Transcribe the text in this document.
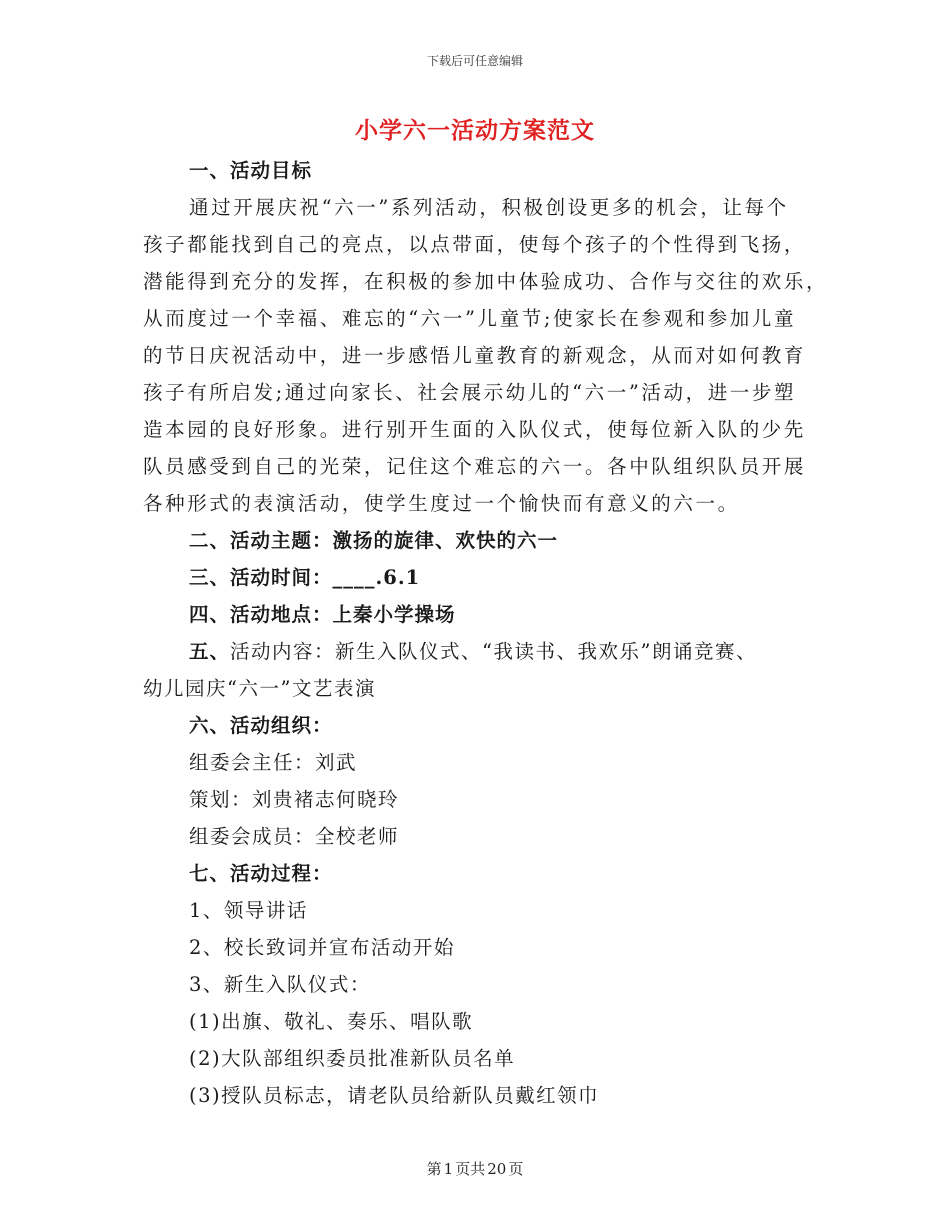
下载后可任意编辑
小学六一活动方案范文
一、活动目标
通过开展庆祝“六一”系列活动，积极创设更多的机会，让每个
孩子都能找到自己的亮点，以点带面，使每个孩子的个性得到飞扬，
潜能得到充分的发挥，在积极的参加中体验成功、合作与交往的欢乐，
从而度过一个幸福、难忘的“六一”儿童节;使家长在参观和参加儿童
的节日庆祝活动中，进一步感悟儿童教育的新观念，从而对如何教育
孩子有所启发;通过向家长、社会展示幼儿的“六一”活动，进一步塑
造本园的良好形象。进行别开生面的入队仪式，使每位新入队的少先
队员感受到自己的光荣，记住这个难忘的六一。各中队组织队员开展
各种形式的表演活动，使学生度过一个愉快而有意义的六一。
二、活动主题：激扬的旋律、欢快的六一
三、活动时间：____.6.1
四、活动地点：上秦小学操场
五、活动内容：新生入队仪式、“我读书、我欢乐”朗诵竞赛、
幼儿园庆“六一”文艺表演
六、活动组织：
组委会主任：刘武
策划：刘贵褚志何晓玲
组委会成员：全校老师
七、活动过程：
1、领导讲话
2、校长致词并宣布活动开始
3、新生入队仪式：
(1)出旗、敬礼、奏乐、唱队歌
(2)大队部组织委员批准新队员名单
(3)授队员标志，请老队员给新队员戴红领巾
第 1 页共 20 页
